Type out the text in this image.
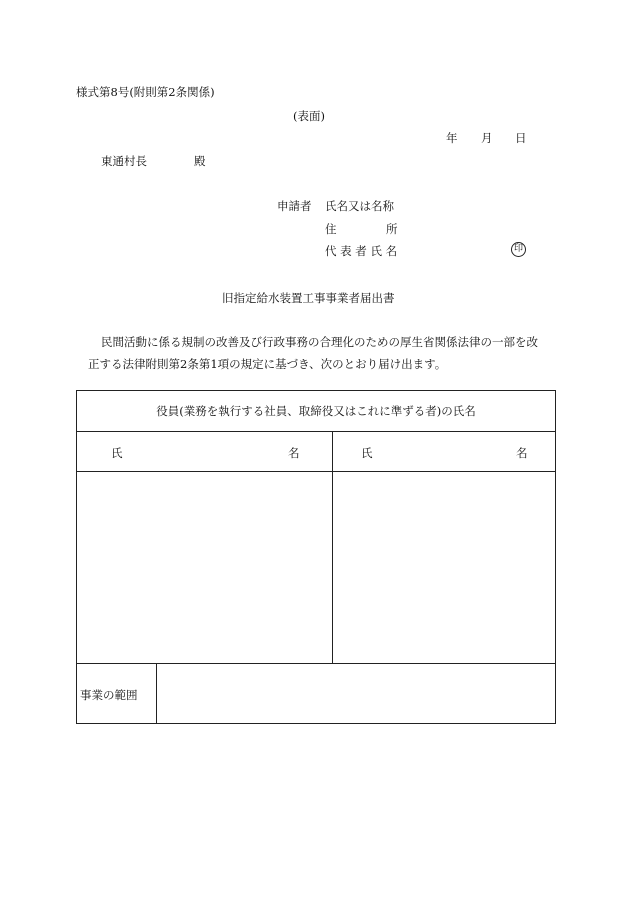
様式第8号(附則第2条関係)
(表面)
年 月 日
東通村長	殿
申請者 氏名又は名称
住	所
代 表 者 氏 名	印
旧指定給水装置工事事業者届出書
民間活動に係る規制の改善及び行政事務の合理化のための厚生省関係法律の一部を改
正する法律附則第2条第1項の規定に基づき、次のとおり届け出ます。
役員(業務を執行する社員、取締役又はこれに準ずる者)の氏名
氏	名	氏	名
事業の範囲
